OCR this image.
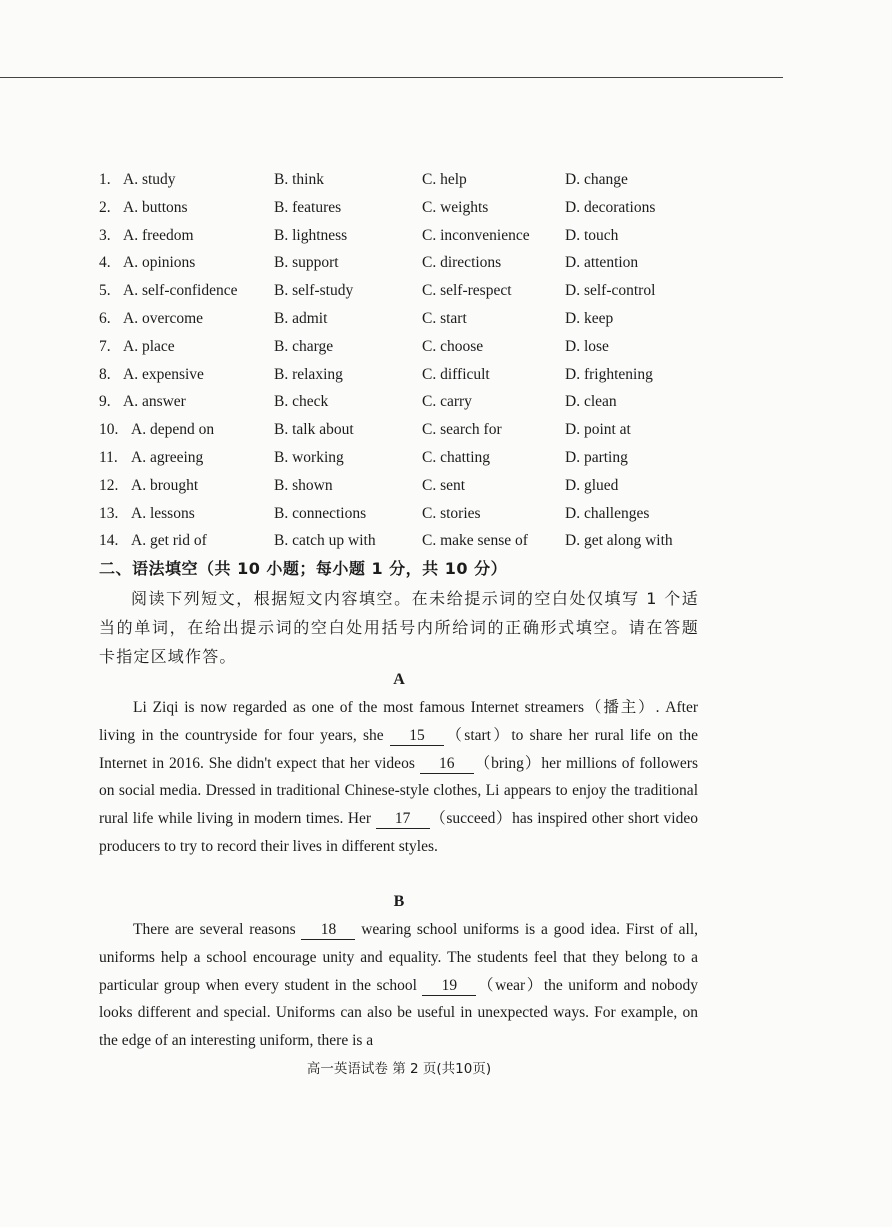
1. A. study	B. think	C. help	D. change
2. A. buttons	B. features	C. weights	D. decorations
3. A. freedom	B. lightness	C. inconvenience D. touch
4. A. opinions	B. support	C. directions	D. attention
5. A. self-confidence B. self-study	C. self-respect	D. self-control
6. A. overcome	B. admit	C. start	D. keep
7. A. place	B. charge	C. choose	D. lose
8. A. expensive	B. relaxing	C. difficult	D. frightening
9. A. answer	B. check	C. carry	D. clean
10. A. depend on	B. talk about	C. search for	D. point at
11. A. agreeing	B. working	C. chatting	D. parting
12. A. brought	B. shown	C. sent	D. glued
13. A. lessons	B. connections	C. stories	D. challenges
14. A. get rid of	B. catch up with	C. make sense of D. get along with
二、语法填空（共 10 小题；每小题 1 分，共 10 分）
阅读下列短文，根据短文内容填空。在未给提示词的空白处仅填写 1 个适当的单词，在给出提示词的空白处用括号内所给词的正确形式填空。请在答题卡指定区域作答。
A
Li Ziqi is now regarded as one of the most famous Internet streamers（播主）. After living in the countryside for four years, she 15 （start）to share her rural life on the Internet in 2016. She didn't expect that her videos 16 （bring）her millions of followers on social media. Dressed in traditional Chinese-style clothes, Li appears to enjoy the traditional rural life while living in modern times. Her 17 （succeed）has inspired other short video producers to try to record their lives in different styles.
B
There are several reasons 18 wearing school uniforms is a good idea. First of all, uniforms help a school encourage unity and equality. The students feel that they belong to a particular group when every student in the school 19 （wear）the uniform and nobody looks different and special. Uniforms can also be useful in unexpected ways. For example, on the edge of an interesting uniform, there is a
高一英语试卷 第 2 页(共10页)
